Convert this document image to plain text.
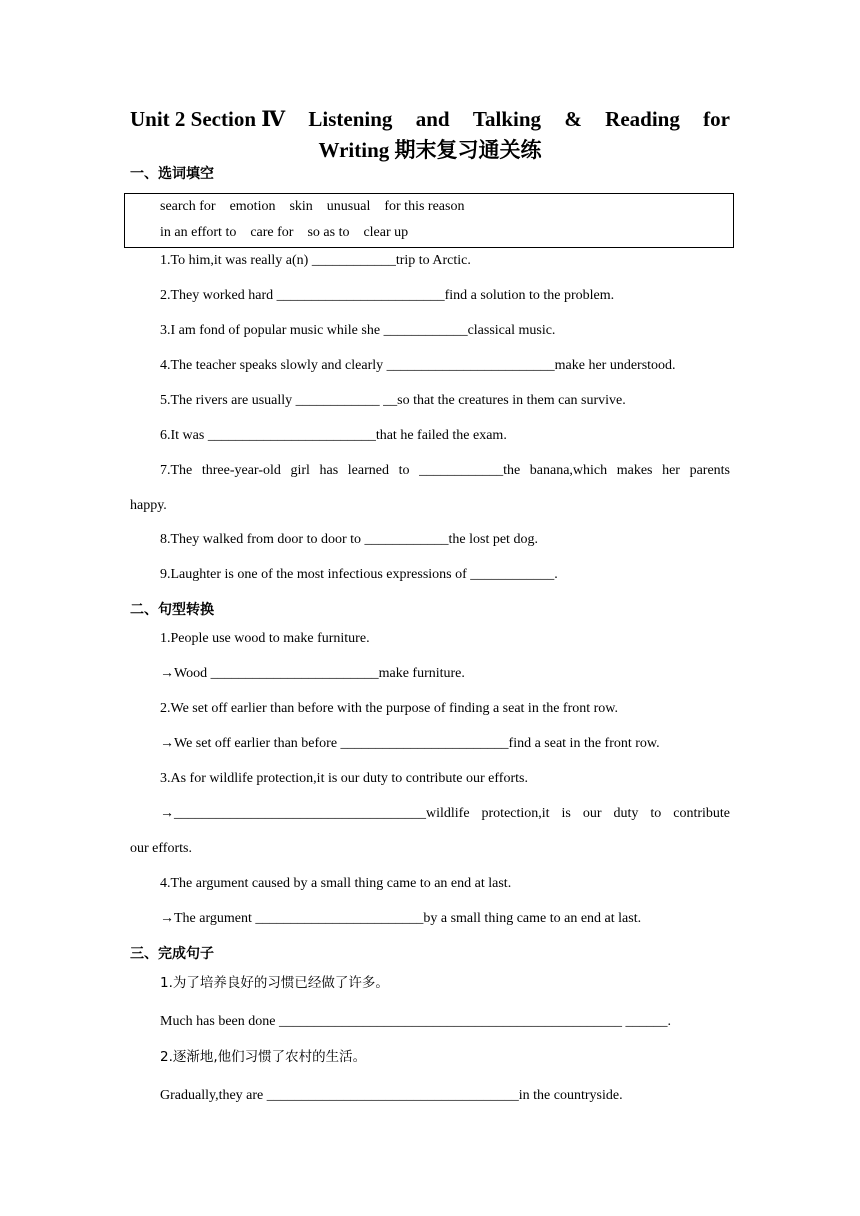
Unit 2 Section Ⅳ Listening and Talking & Reading for
Writing 期末复习通关练
一、选词填空
search for    emotion    skin    unusual    for this reason
in an effort to    care for    so as to    clear up
1.To him,it was really a(n) ____________trip to Arctic.
2.They worked hard ________________________find a solution to the problem.
3.I am fond of popular music while she ____________classical music.
4.The teacher speaks slowly and clearly ________________________make her understood.
5.The rivers are usually ____________ __so that the creatures in them can survive.
6.It was ________________________that he failed the exam.
7.The three-year-old girl has learned to ____________the banana,which makes her parents
happy.
8.They walked from door to door to ____________the lost pet dog.
9.Laughter is one of the most infectious expressions of ____________.
二、句型转换
1.People use wood to make furniture.
→Wood ________________________make furniture.
2.We set off earlier than before with the purpose of finding a seat in the front row.
→We set off earlier than before ________________________find a seat in the front row.
3.As for wildlife protection,it is our duty to contribute our efforts.
→____________________________________wildlife protection,it is our duty to contribute
our efforts.
4.The argument caused by a small thing came to an end at last.
→The argument ________________________by a small thing came to an end at last.
三、完成句子
1.为了培养良好的习惯已经做了许多。
Much has been done _________________________________________________ ______.
2.逐渐地,他们习惯了农村的生活。
Gradually,they are ____________________________________in the countryside.
